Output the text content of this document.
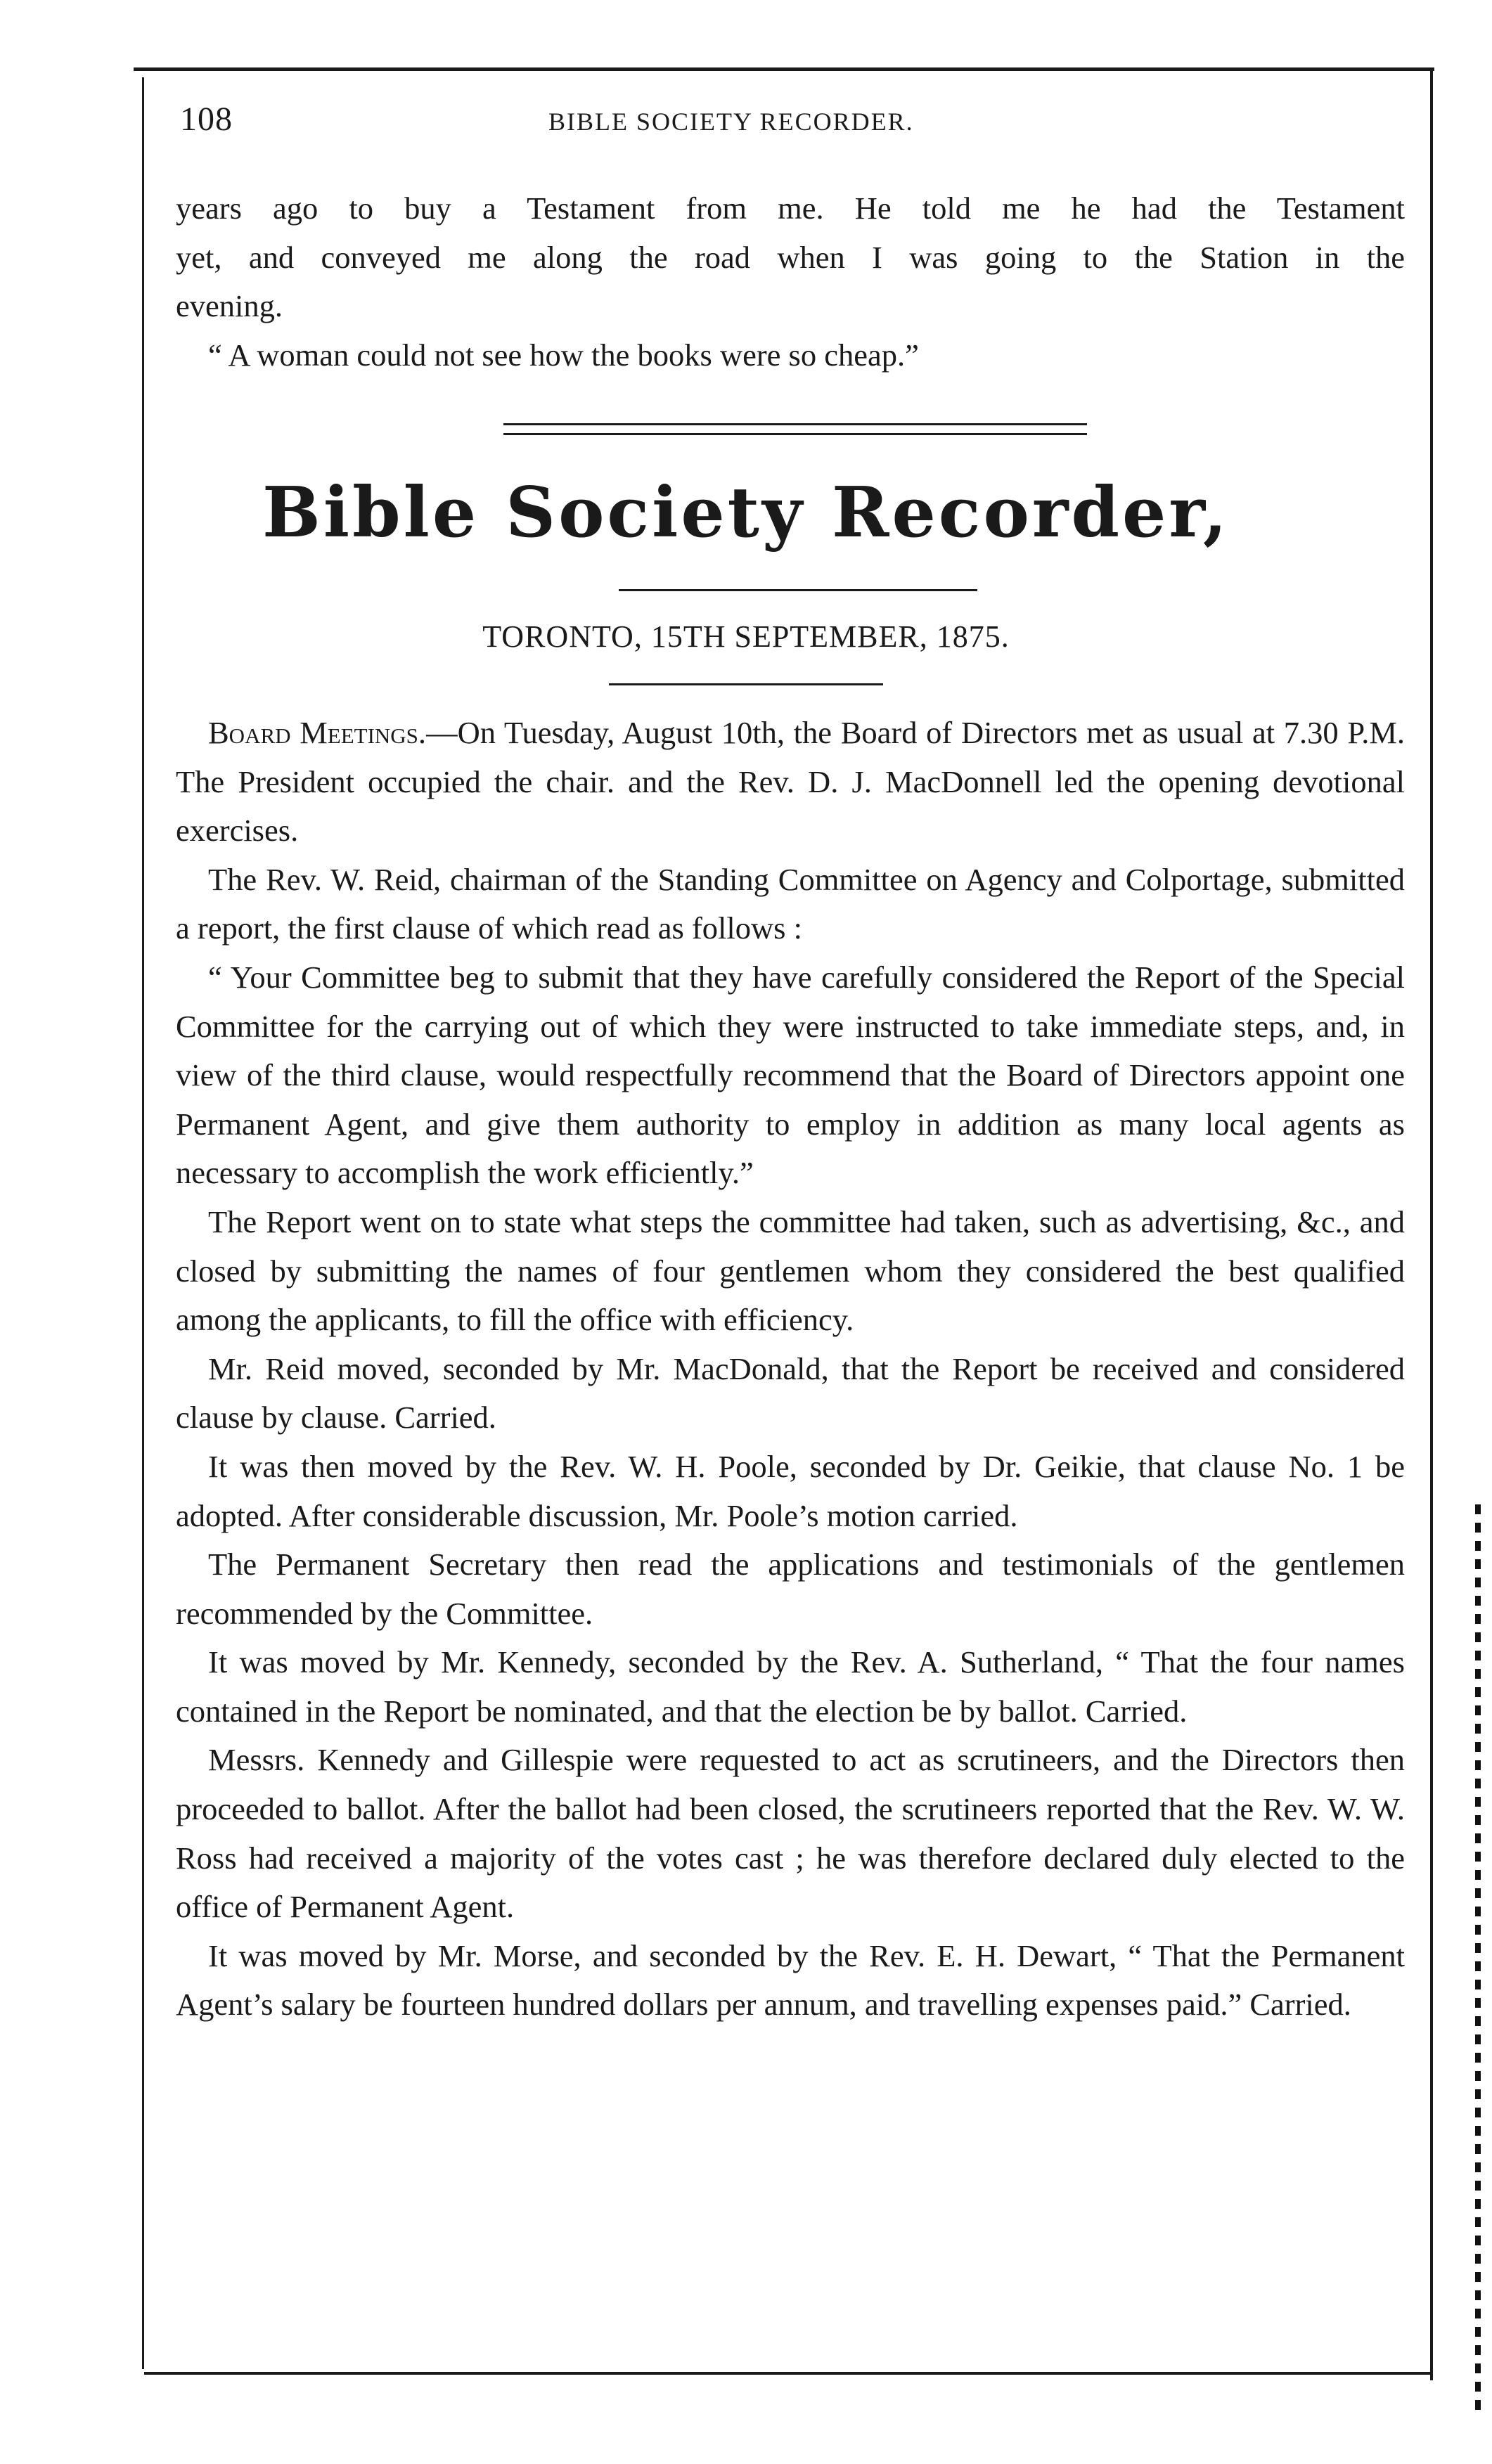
108	BIBLE SOCIETY RECORDER.
years ago to buy a Testament from me. He told me he had the Testament
yet, and conveyed me along the road when I was going to the Station in the
evening.
“ A woman could not see how the books were so cheap.”
Bible Society Recorder,
TORONTO, 15TH SEPTEMBER, 1875.

Board Meetings.—On Tuesday, August 10th, the Board of Directors met as usual at 7.30 P.M. The President occupied the chair. and the Rev. D. J. MacDonnell led the opening devotional exercises.

The Rev. W. Reid, chairman of the Standing Committee on Agency and Colportage, submitted a report, the first clause of which read as follows :

“ Your Committee beg to submit that they have carefully considered the Report of the Special Committee for the carrying out of which they were instructed to take immediate steps, and, in view of the third clause, would respectfully recommend that the Board of Directors appoint one Permanent Agent, and give them authority to employ in addition as many local agents as necessary to accomplish the work efficiently.”

The Report went on to state what steps the committee had taken, such as advertising, &c., and closed by submitting the names of four gentlemen whom they considered the best qualified among the applicants, to fill the office with efficiency.

Mr. Reid moved, seconded by Mr. MacDonald, that the Report be received and considered clause by clause. Carried.

It was then moved by the Rev. W. H. Poole, seconded by Dr. Geikie, that clause No. 1 be adopted. After considerable discussion, Mr. Poole’s motion carried.

The Permanent Secretary then read the applications and testimonials of the gentlemen recommended by the Committee.

It was moved by Mr. Kennedy, seconded by the Rev. A. Sutherland, “ That the four names contained in the Report be nominated, and that the election be by ballot. Carried.

Messrs. Kennedy and Gillespie were requested to act as scrutineers, and the Directors then proceeded to ballot. After the ballot had been closed, the scrutineers reported that the Rev. W. W. Ross had received a majority of the votes cast ; he was therefore declared duly elected to the office of Permanent Agent.

It was moved by Mr. Morse, and seconded by the Rev. E. H. Dewart, “ That the Permanent Agent’s salary be fourteen hundred dollars per annum, and travelling expenses paid.” Carried.
